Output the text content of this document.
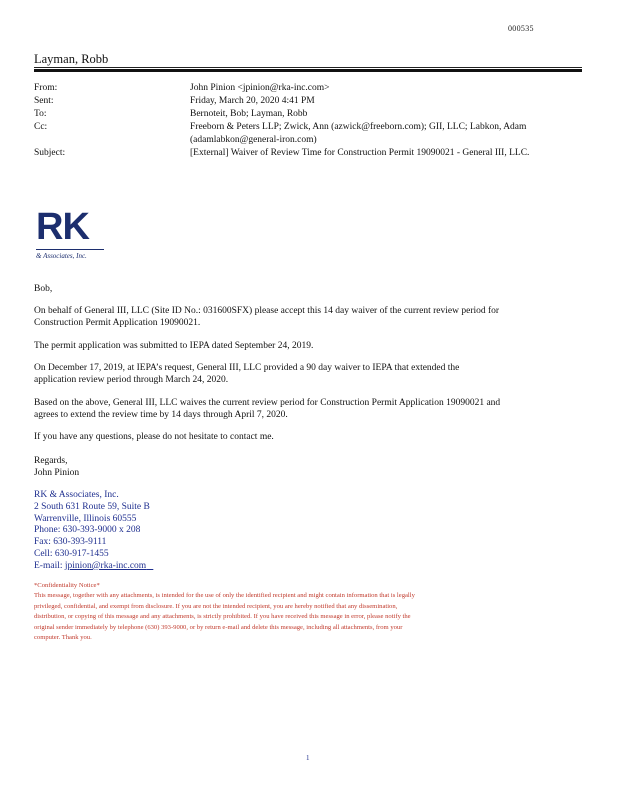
000535
Layman, Robb
From:	John Pinion <jpinion@rka-inc.com>
Sent:	Friday, March 20, 2020 4:41 PM
To:	Bernoteit, Bob; Layman, Robb
Cc:	Freeborn & Peters LLP; Zwick, Ann (azwick@freeborn.com); GII, LLC; Labkon, Adam
(adamlabkon@general-iron.com)
Subject:	[External] Waiver of Review Time for Construction Permit 19090021 - General III, LLC.
RK
& Associates, Inc.
Bob,
On behalf of General III, LLC (Site ID No.: 031600SFX) please accept this 14 day waiver of the current review period for
Construction Permit Application 19090021.
The permit application was submitted to IEPA dated September 24, 2019.
On December 17, 2019, at IEPA’s request, General III, LLC provided a 90 day waiver to IEPA that extended the
application review period through March 24, 2020.
Based on the above, General III, LLC waives the current review period for Construction Permit Application 19090021 and
agrees to extend the review time by 14 days through April 7, 2020.
If you have any questions, please do not hesitate to contact me.
Regards,
John Pinion
RK & Associates, Inc.
2 South 631 Route 59, Suite B
Warrenville, Illinois 60555
Phone: 630-393-9000 x 208
Fax: 630-393-9111
Cell: 630-917-1455
E-mail: jpinion@rka-inc.com
*Confidentiality Notice*
This message, together with any attachments, is intended for the use of only the identified recipient and might contain information that is legally
privileged, confidential, and exempt from disclosure. If you are not the intended recipient, you are hereby notified that any dissemination,
distribution, or copying of this message and any attachments, is strictly prohibited. If you have received this message in error, please notify the
original sender immediately by telephone (630) 393-9000, or by return e-mail and delete this message, including all attachments, from your
computer. Thank you.
1
